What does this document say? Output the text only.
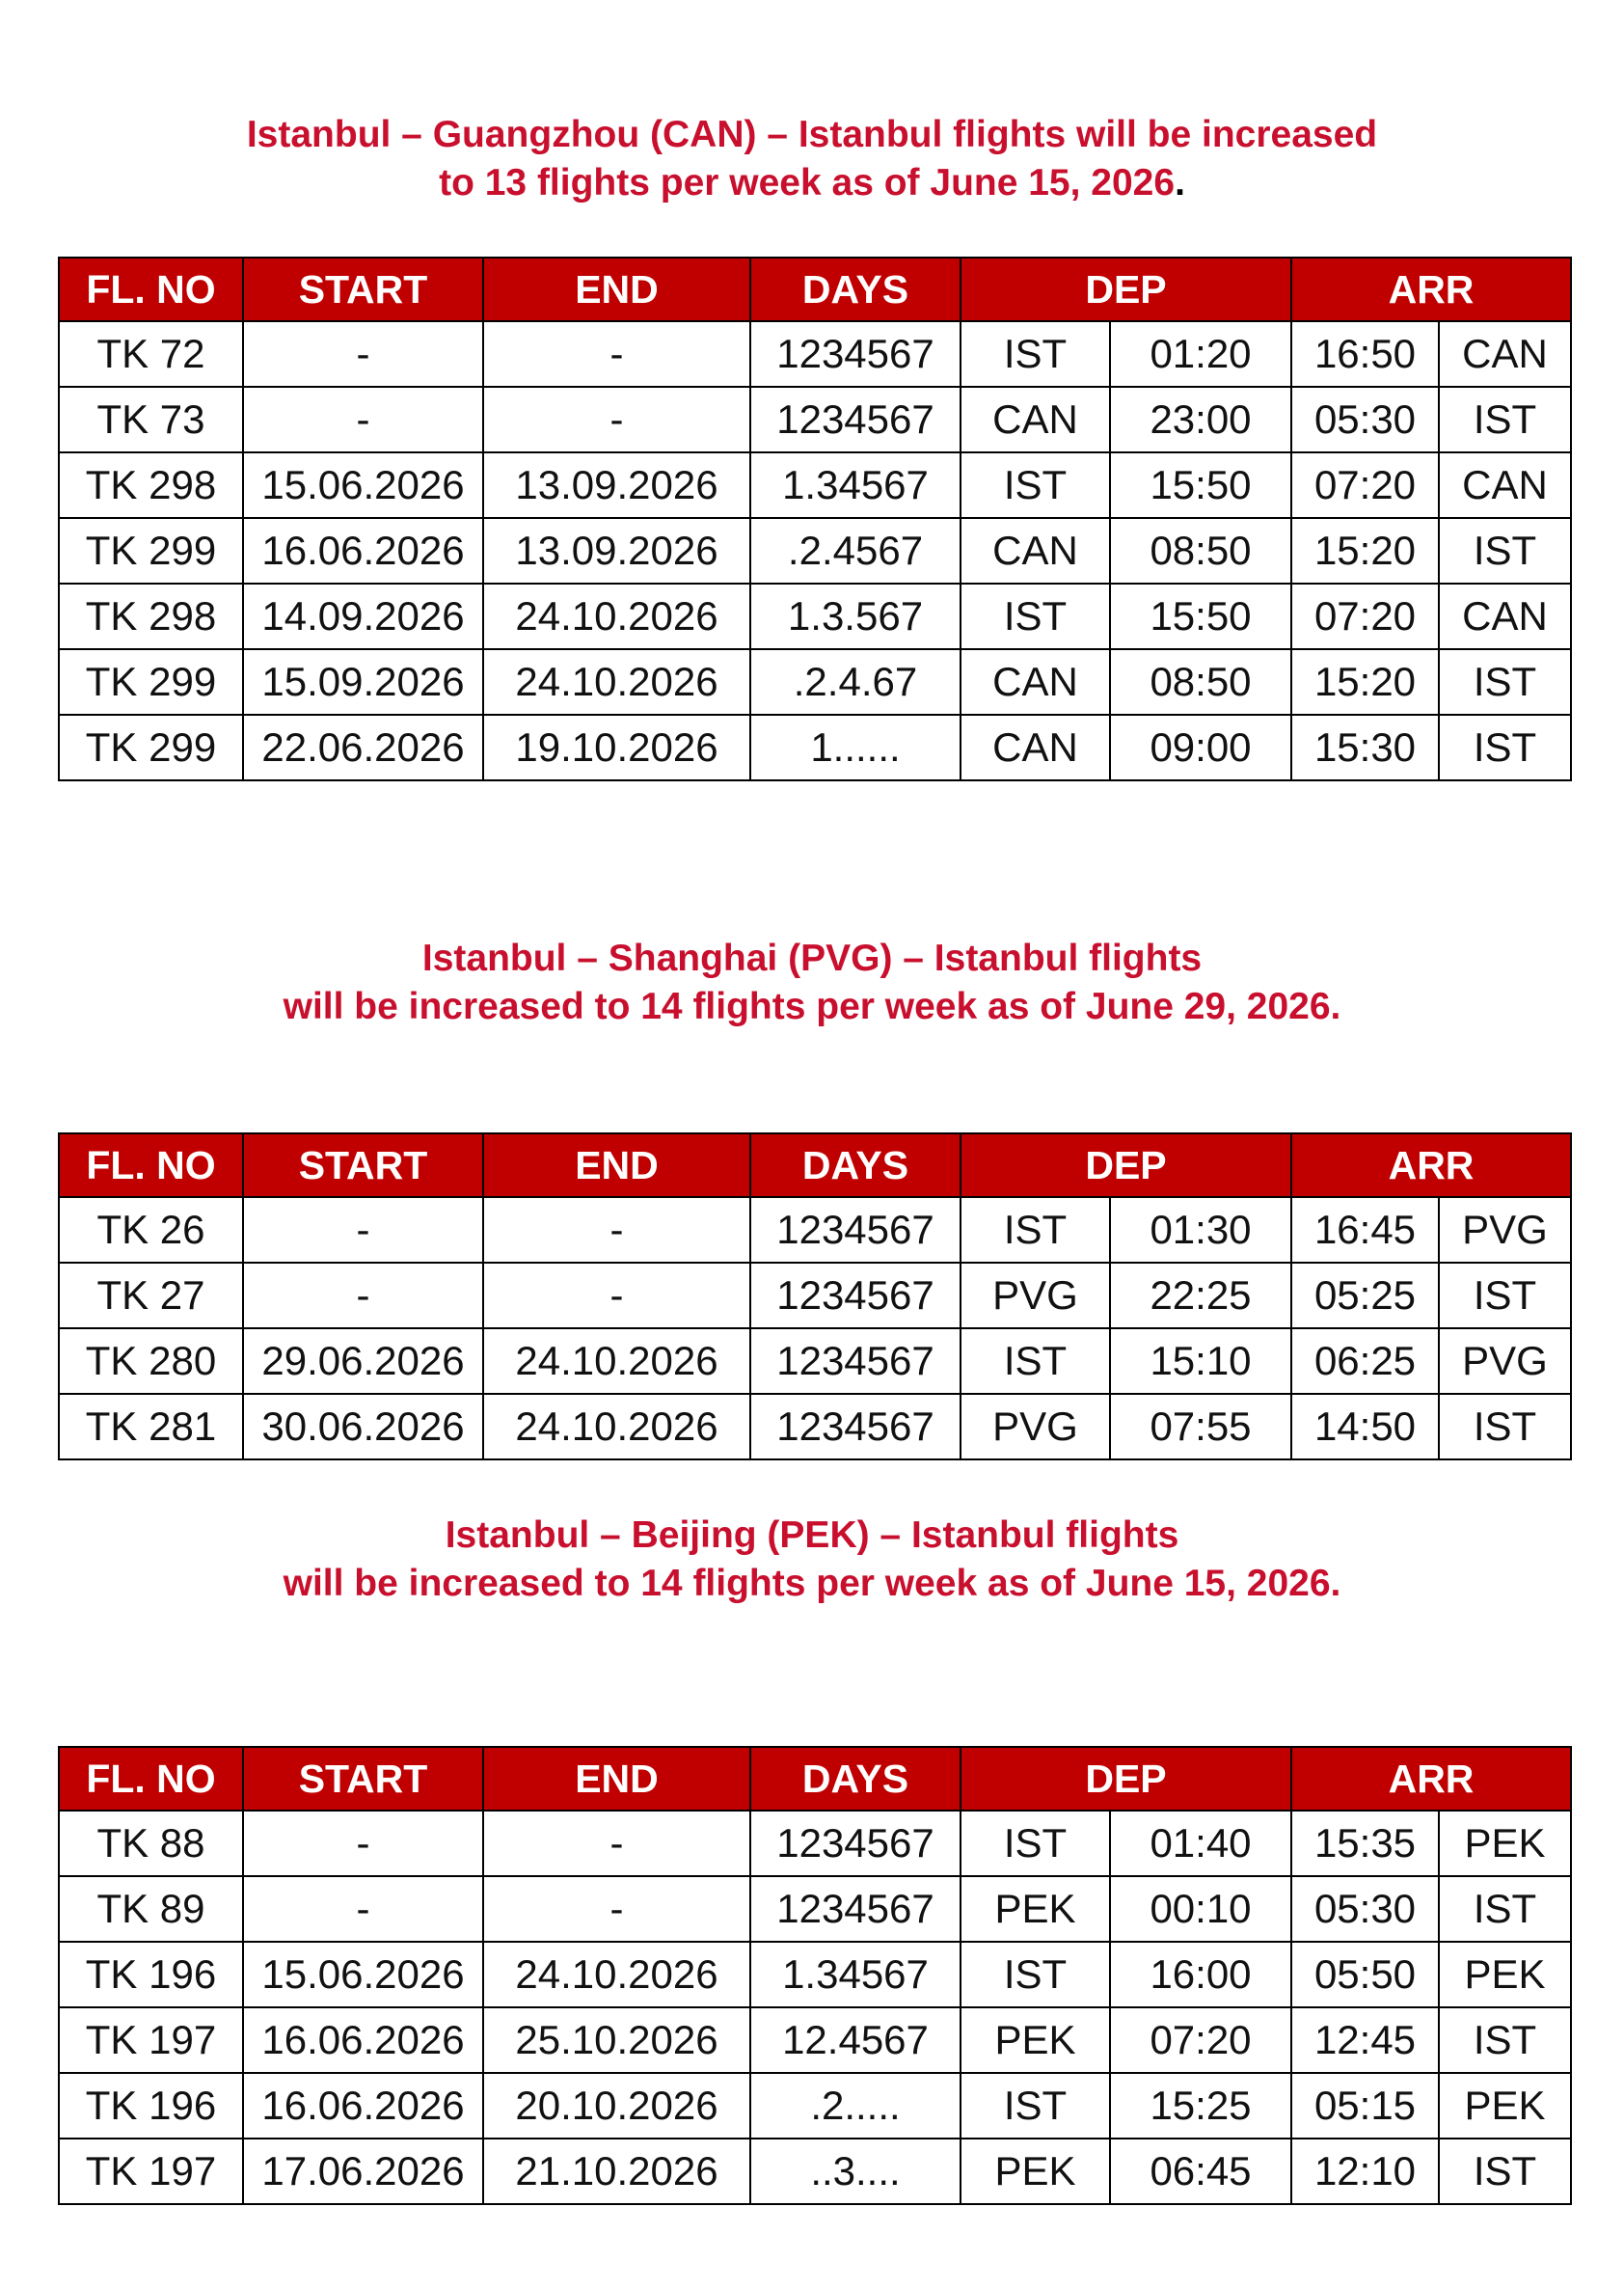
Istanbul – Guangzhou (CAN) – Istanbul flights will be increased
to 13 flights per week as of June 15, 2026.
FL. NO	START	END	DAYS	DEP		ARR	
TK 72	-	-	1234567	IST	01:20	16:50	CAN
TK 73	-	-	1234567	CAN	23:00	05:30	IST
TK 298	15.06.2026	13.09.2026	1.34567	IST	15:50	07:20	CAN
TK 299	16.06.2026	13.09.2026	.2.4567	CAN	08:50	15:20	IST
TK 298	14.09.2026	24.10.2026	1.3.567	IST	15:50	07:20	CAN
TK 299	15.09.2026	24.10.2026	.2.4.67	CAN	08:50	15:20	IST
TK 299	22.06.2026	19.10.2026	1......	CAN	09:00	15:30	IST
Istanbul – Shanghai (PVG) – Istanbul flights
will be increased to 14 flights per week as of June 29, 2026.
FL. NO	START	END	DAYS	DEP		ARR	
TK 26	-	-	1234567	IST	01:30	16:45	PVG
TK 27	-	-	1234567	PVG	22:25	05:25	IST
TK 280	29.06.2026	24.10.2026	1234567	IST	15:10	06:25	PVG
TK 281	30.06.2026	24.10.2026	1234567	PVG	07:55	14:50	IST
Istanbul – Beijing (PEK) – Istanbul flights
will be increased to 14 flights per week as of June 15, 2026.
FL. NO	START	END	DAYS	DEP		ARR	
TK 88	-	-	1234567	IST	01:40	15:35	PEK
TK 89	-	-	1234567	PEK	00:10	05:30	IST
TK 196	15.06.2026	24.10.2026	1.34567	IST	16:00	05:50	PEK
TK 197	16.06.2026	25.10.2026	12.4567	PEK	07:20	12:45	IST
TK 196	16.06.2026	20.10.2026	.2.....	IST	15:25	05:15	PEK
TK 197	17.06.2026	21.10.2026	..3....	PEK	06:45	12:10	IST
